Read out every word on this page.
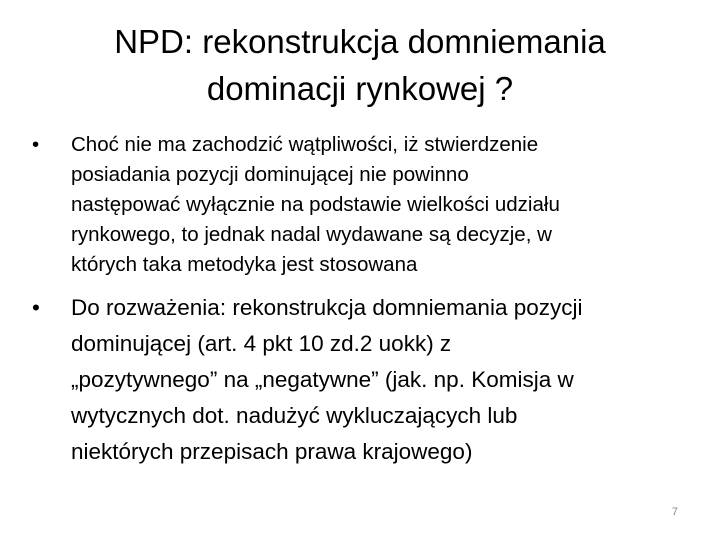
NPD: rekonstrukcja domniemania
dominacji rynkowej ?
• Choć nie ma zachodzić wątpliwości, iż stwierdzenie
posiadania pozycji dominującej nie powinno
następować wyłącznie na podstawie wielkości udziału
rynkowego, to jednak nadal wydawane są decyzje, w
których taka metodyka jest stosowana
• Do rozważenia: rekonstrukcja domniemania pozycji
dominującej (art. 4 pkt 10 zd.2 uokk) z
„pozytywnego” na „negatywne” (jak. np. Komisja w
wytycznych dot. nadużyć wykluczających lub
niektórych przepisach prawa krajowego)
7
